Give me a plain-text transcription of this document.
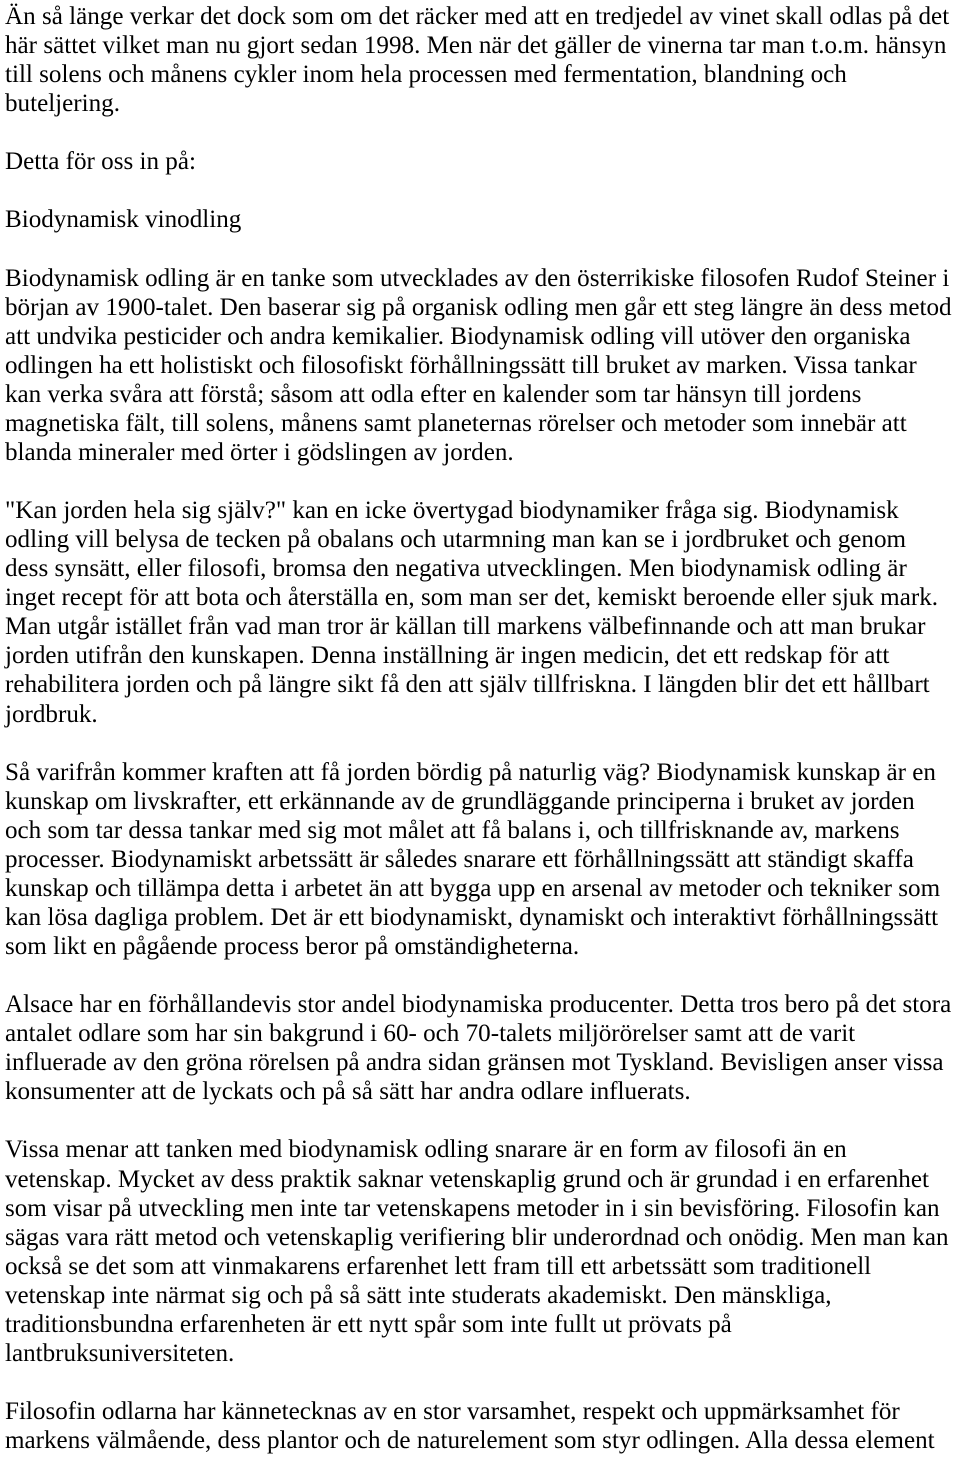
Än så länge verkar det dock som om det räcker med att en tredjedel av vinet skall odlas på det
här sättet vilket man nu gjort sedan 1998. Men när det gäller de vinerna tar man t.o.m. hänsyn
till solens och månens cykler inom hela processen med fermentation, blandning och
buteljering.

Detta för oss in på:

Biodynamisk vinodling

Biodynamisk odling är en tanke som utvecklades av den österrikiske filosofen Rudof Steiner i
början av 1900-talet. Den baserar sig på organisk odling men går ett steg längre än dess metod
att undvika pesticider och andra kemikalier. Biodynamisk odling vill utöver den organiska
odlingen ha ett holistiskt och filosofiskt förhållningssätt till bruket av marken. Vissa tankar
kan verka svåra att förstå; såsom att odla efter en kalender som tar hänsyn till jordens
magnetiska fält, till solens, månens samt planeternas rörelser och metoder som innebär att
blanda mineraler med örter i gödslingen av jorden.

"Kan jorden hela sig själv?" kan en icke övertygad biodynamiker fråga sig. Biodynamisk
odling vill belysa de tecken på obalans och utarmning man kan se i jordbruket och genom
dess synsätt, eller filosofi, bromsa den negativa utvecklingen. Men biodynamisk odling är
inget recept för att bota och återställa en, som man ser det, kemiskt beroende eller sjuk mark.
Man utgår istället från vad man tror är källan till markens välbefinnande och att man brukar
jorden utifrån den kunskapen. Denna inställning är ingen medicin, det ett redskap för att
rehabilitera jorden och på längre sikt få den att själv tillfriskna. I längden blir det ett hållbart
jordbruk.

Så varifrån kommer kraften att få jorden bördig på naturlig väg? Biodynamisk kunskap är en
kunskap om livskrafter, ett erkännande av de grundläggande principerna i bruket av jorden
och som tar dessa tankar med sig mot målet att få balans i, och tillfrisknande av, markens
processer. Biodynamiskt arbetssätt är således snarare ett förhållningssätt att ständigt skaffa
kunskap och tillämpa detta i arbetet än att bygga upp en arsenal av metoder och tekniker som
kan lösa dagliga problem. Det är ett biodynamiskt, dynamiskt och interaktivt förhållningssätt
som likt en pågående process beror på omständigheterna.

Alsace har en förhållandevis stor andel biodynamiska producenter. Detta tros bero på det stora
antalet odlare som har sin bakgrund i 60- och 70-talets miljörörelser samt att de varit
influerade av den gröna rörelsen på andra sidan gränsen mot Tyskland. Bevisligen anser vissa
konsumenter att de lyckats och på så sätt har andra odlare influerats.

Vissa menar att tanken med biodynamisk odling snarare är en form av filosofi än en
vetenskap. Mycket av dess praktik saknar vetenskaplig grund och är grundad i en erfarenhet
som visar på utveckling men inte tar vetenskapens metoder in i sin bevisföring. Filosofin kan
sägas vara rätt metod och vetenskaplig verifiering blir underordnad och onödig. Men man kan
också se det som att vinmakarens erfarenhet lett fram till ett arbetssätt som traditionell
vetenskap inte närmat sig och på så sätt inte studerats akademiskt. Den mänskliga,
traditionsbundna erfarenheten är ett nytt spår som inte fullt ut prövats på
lantbruksuniversiteten.

Filosofin odlarna har kännetecknas av en stor varsamhet, respekt och uppmärksamhet för
markens välmående, dess plantor och de naturelement som styr odlingen. Alla dessa element
